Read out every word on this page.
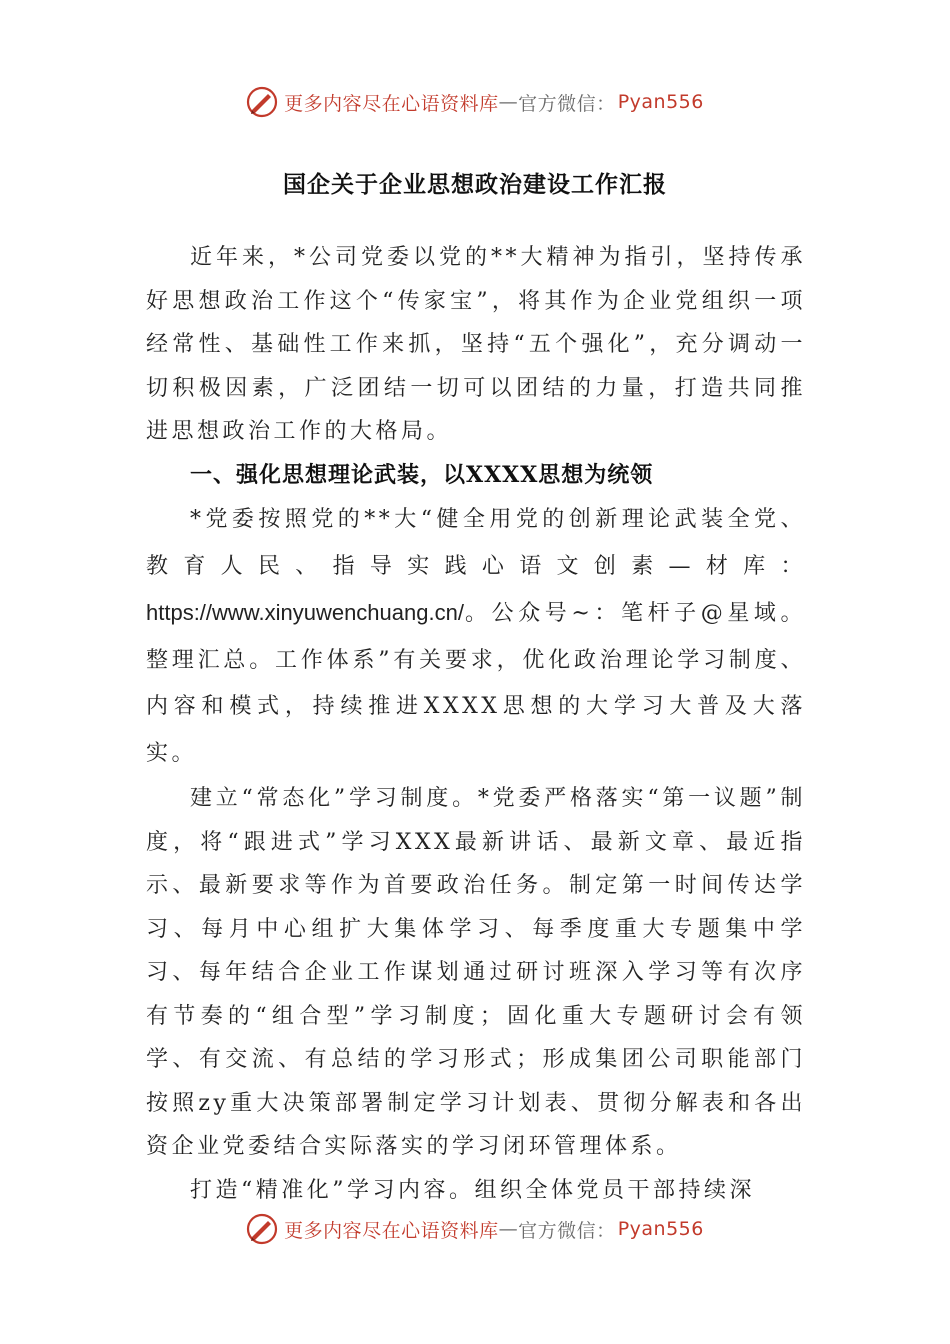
更多内容尽在心语资料库 — 官方微信： Pyan556
国企关于企业思想政治建设工作汇报

近年来，*公司党委以党的**大精神为指引，坚持传承好思想政治工作这个“传家宝”，将其作为企业党组织一项经常性、基础性工作来抓，坚持“五个强化”，充分调动一切积极因素，广泛团结一切可以团结的力量，打造共同推进思想政治工作的大格局。

一、强化思想理论武装，以XXXX思想为统领

*党委按照党的**大“健全用党的创新理论武装全党、教育人民、指导实践心语文创素—材库：https://www.xinyuwenchuang.cn/。公众号~：笔杆子@星域。整理汇总。工作体系”有关要求，优化政治理论学习制度、内容和模式，持续推进XXXX思想的大学习大普及大落实。

建立“常态化”学习制度。*党委严格落实“第一议题”制度，将“跟进式”学习XXX最新讲话、最新文章、最近指示、最新要求等作为首要政治任务。制定第一时间传达学习、每月中心组扩大集体学习、每季度重大专题集中学习、每年结合企业工作谋划通过研讨班深入学习等有次序有节奏的“组合型”学习制度；固化重大专题研讨会有领学、有交流、有总结的学习形式；形成集团公司职能部门按照zy重大决策部署制定学习计划表、贯彻分解表和各出资企业党委结合实际落实的学习闭环管理体系。

打造“精准化”学习内容。组织全体党员干部持续深

更多内容尽在心语资料库 — 官方微信： Pyan556
